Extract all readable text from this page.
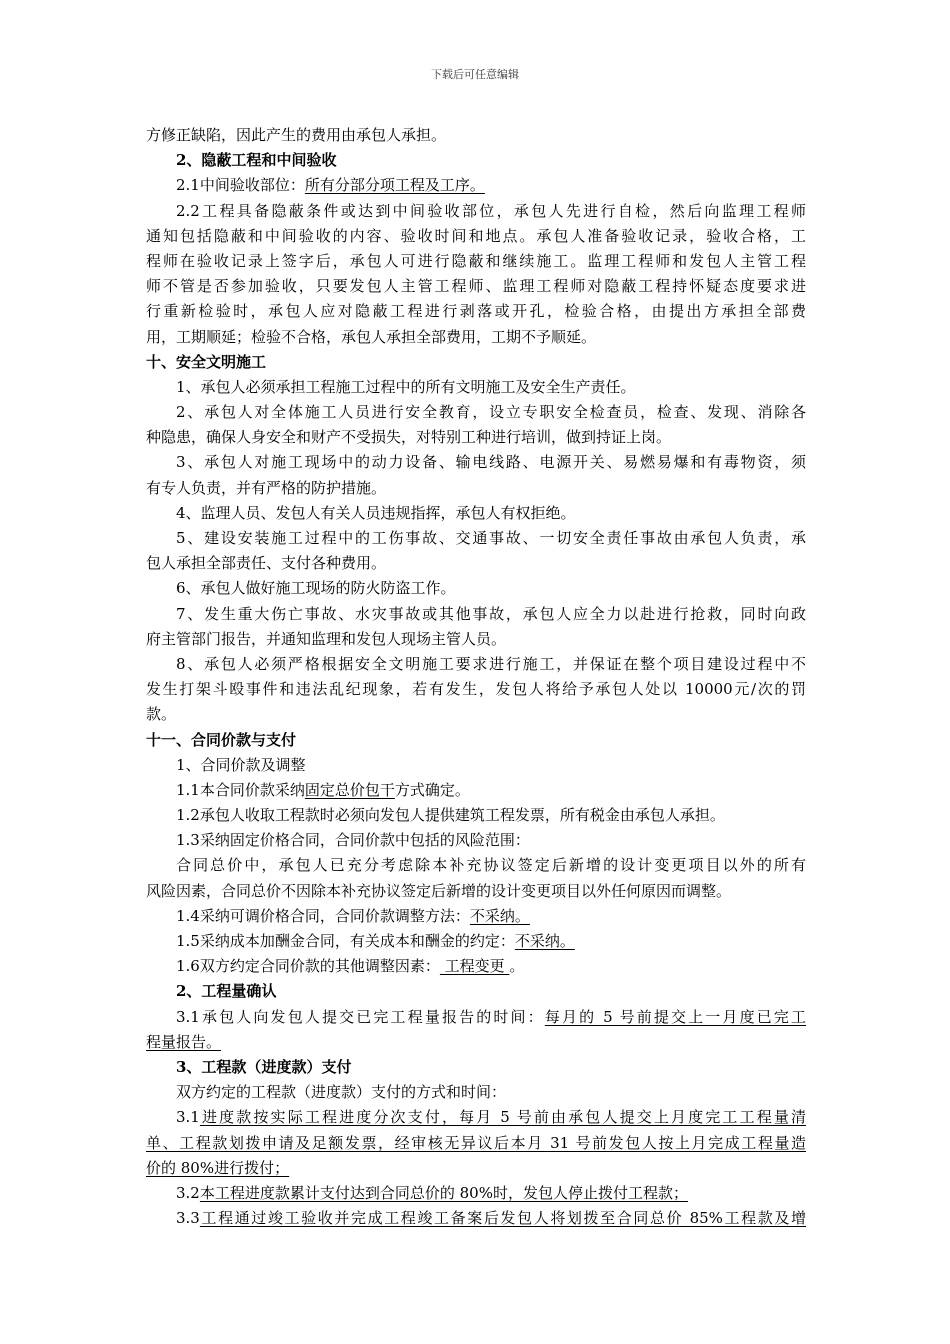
下载后可任意编辑
方修正缺陷，因此产生的费用由承包人承担。
2、隐蔽工程和中间验收
2.1中间验收部位：所有分部分项工程及工序。
2.2工程具备隐蔽条件或达到中间验收部位，承包人先进行自检，然后向监理工程师
通知包括隐蔽和中间验收的内容、验收时间和地点。承包人准备验收记录，验收合格，工
程师在验收记录上签字后，承包人可进行隐蔽和继续施工。监理工程师和发包人主管工程
师不管是否参加验收，只要发包人主管工程师、监理工程师对隐蔽工程持怀疑态度要求进
行重新检验时，承包人应对隐蔽工程进行剥落或开孔，检验合格，由提出方承担全部费
用，工期顺延；检验不合格，承包人承担全部费用，工期不予顺延。
十、安全文明施工
1、承包人必须承担工程施工过程中的所有文明施工及安全生产责任。
2、承包人对全体施工人员进行安全教育，设立专职安全检查员，检查、发现、消除各
种隐患，确保人身安全和财产不受损失，对特别工种进行培训，做到持证上岗。
3、承包人对施工现场中的动力设备、输电线路、电源开关、易燃易爆和有毒物资，须
有专人负责，并有严格的防护措施。
4、监理人员、发包人有关人员违规指挥，承包人有权拒绝。
5、建设安装施工过程中的工伤事故、交通事故、一切安全责任事故由承包人负责，承
包人承担全部责任、支付各种费用。
6、承包人做好施工现场的防火防盗工作。
7、发生重大伤亡事故、水灾事故或其他事故，承包人应全力以赴进行抢救，同时向政
府主管部门报告，并通知监理和发包人现场主管人员。
8、承包人必须严格根据安全文明施工要求进行施工，并保证在整个项目建设过程中不
发生打架斗殴事件和违法乱纪现象，若有发生，发包人将给予承包人处以 10000元/次的罚
款。
十一、合同价款与支付
1、合同价款及调整
1.1本合同价款采纳固定总价包干方式确定。
1.2承包人收取工程款时必须向发包人提供建筑工程发票，所有税金由承包人承担。
1.3采纳固定价格合同，合同价款中包括的风险范围：
合同总价中，承包人已充分考虑除本补充协议签定后新增的设计变更项目以外的所有
风险因素，合同总价不因除本补充协议签定后新增的设计变更项目以外任何原因而调整。
1.4采纳可调价格合同，合同价款调整方法：不采纳。
1.5采纳成本加酬金合同，有关成本和酬金的约定：不采纳。
1.6双方约定合同价款的其他调整因素： 工程变更 。
2、工程量确认
3.1承包人向发包人提交已完工程量报告的时间：每月的 5 号前提交上一月度已完工
程量报告。
3、工程款（进度款）支付
双方约定的工程款（进度款）支付的方式和时间：
3.1进度款按实际工程进度分次支付，每月 5 号前由承包人提交上月度完工工程量清
单、工程款划拨申请及足额发票，经审核无异议后本月 31 号前发包人按上月完成工程量造
价的 80%进行拨付；
3.2本工程进度款累计支付达到合同总价的 80%时，发包人停止拨付工程款；
3.3工程通过竣工验收并完成工程竣工备案后发包人将划拨至合同总价 85%工程款及增
